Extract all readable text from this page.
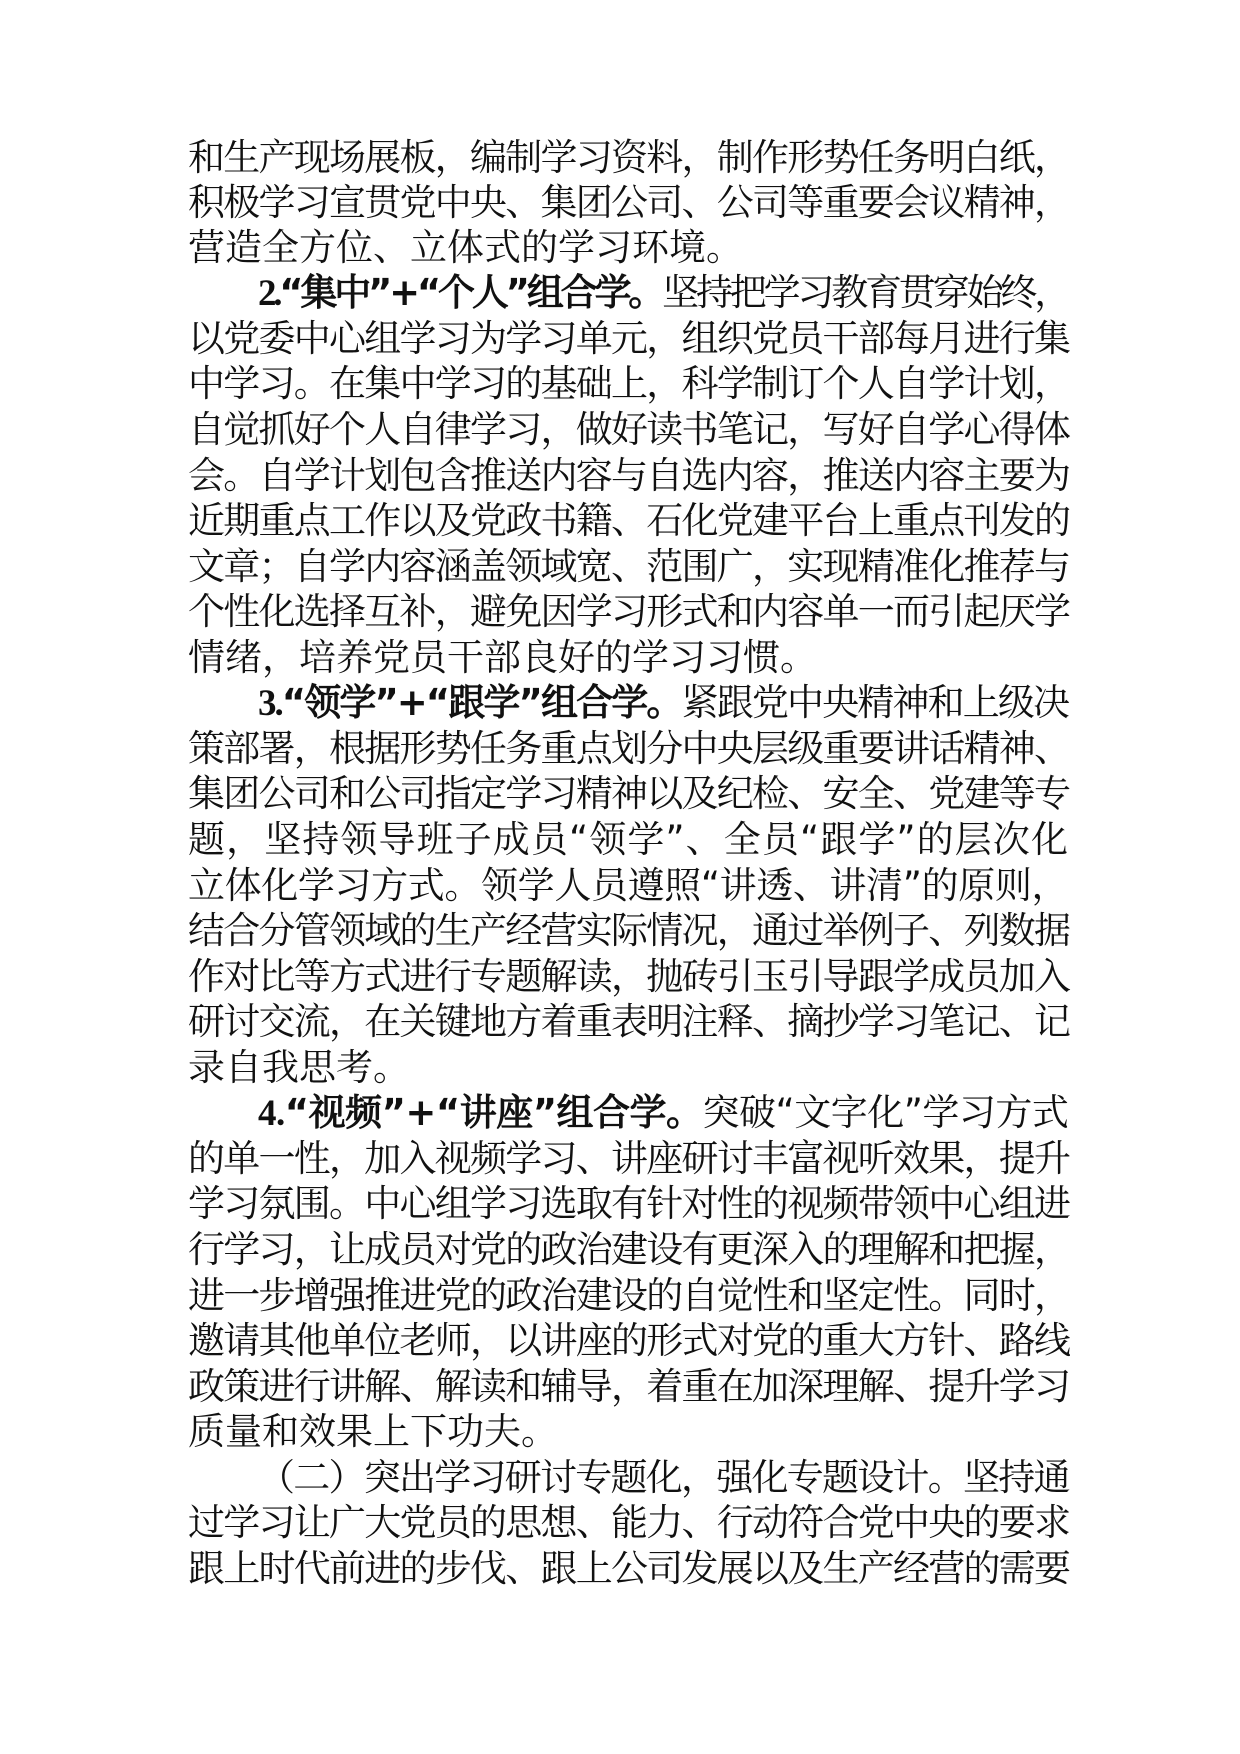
和生产现场展板，编制学习资料，制作形势任务明白纸，
积极学习宣贯党中央、集团公司、公司等重要会议精神，
营造全方位、立体式的学习环境。
2.“集中”+“个人”组合学。坚持把学习教育贯穿始终，
以党委中心组学习为学习单元，组织党员干部每月进行集
中学习。在集中学习的基础上，科学制订个人自学计划，
自觉抓好个人自律学习，做好读书笔记，写好自学心得体
会。自学计划包含推送内容与自选内容，推送内容主要为
近期重点工作以及党政书籍、石化党建平台上重点刊发的
文章；自学内容涵盖领域宽、范围广，实现精准化推荐与
个性化选择互补，避免因学习形式和内容单一而引起厌学
情绪，培养党员干部良好的学习习惯。
3.“领学”+“跟学”组合学。紧跟党中央精神和上级决
策部署，根据形势任务重点划分中央层级重要讲话精神、
集团公司和公司指定学习精神以及纪检、安全、党建等专
题，坚持领导班子成员“领学”、全员“跟学”的层次化
立体化学习方式。领学人员遵照“讲透、讲清”的原则，
结合分管领域的生产经营实际情况，通过举例子、列数据
作对比等方式进行专题解读，抛砖引玉引导跟学成员加入
研讨交流，在关键地方着重表明注释、摘抄学习笔记、记
录自我思考。
4.“视频”+“讲座”组合学。突破“文字化”学习方式
的单一性，加入视频学习、讲座研讨丰富视听效果，提升
学习氛围。中心组学习选取有针对性的视频带领中心组进
行学习，让成员对党的政治建设有更深入的理解和把握，
进一步增强推进党的政治建设的自觉性和坚定性。同时，
邀请其他单位老师，以讲座的形式对党的重大方针、路线
政策进行讲解、解读和辅导，着重在加深理解、提升学习
质量和效果上下功夫。
（二）突出学习研讨专题化，强化专题设计。坚持通
过学习让广大党员的思想、能力、行动符合党中央的要求
跟上时代前进的步伐、跟上公司发展以及生产经营的需要
